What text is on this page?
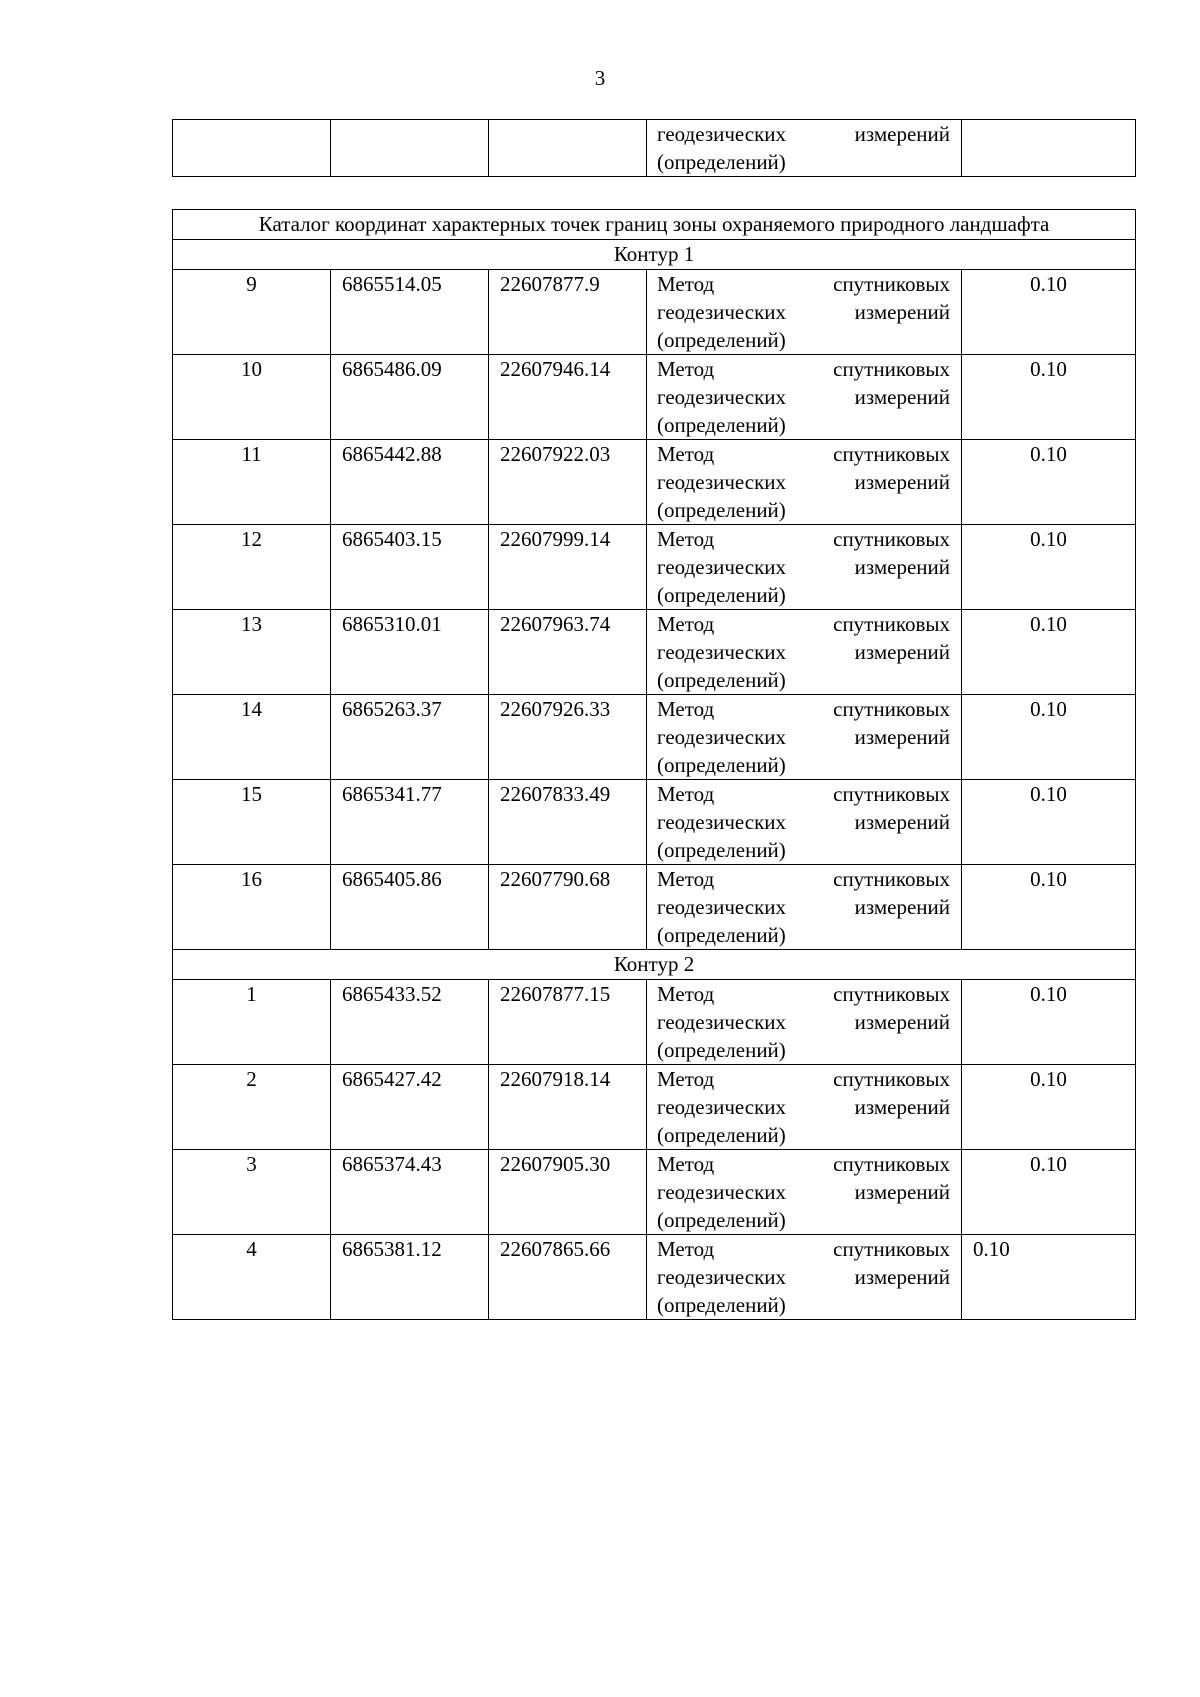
3
			геодезических измерений
(определений)

Каталог координат характерных точек границ зоны охраняемого природного ландшафта				
Контур 1				
9	6865514.05	22607877.9	Метод спутниковых
геодезических измерений
(определений)	0.10
10	6865486.09	22607946.14	Метод спутниковых
геодезических измерений
(определений)	0.10
11	6865442.88	22607922.03	Метод спутниковых
геодезических измерений
(определений)	0.10
12	6865403.15	22607999.14	Метод спутниковых
геодезических измерений
(определений)	0.10
13	6865310.01	22607963.74	Метод спутниковых
геодезических измерений
(определений)	0.10
14	6865263.37	22607926.33	Метод спутниковых
геодезических измерений
(определений)	0.10
15	6865341.77	22607833.49	Метод спутниковых
геодезических измерений
(определений)	0.10
16	6865405.86	22607790.68	Метод спутниковых
геодезических измерений
(определений)	0.10
Контур 2				
1	6865433.52	22607877.15	Метод спутниковых
геодезических измерений
(определений)	0.10
2	6865427.42	22607918.14	Метод спутниковых
геодезических измерений
(определений)	0.10
3	6865374.43	22607905.30	Метод спутниковых
геодезических измерений
(определений)	0.10
4	6865381.12	22607865.66	Метод спутниковых
геодезических измерений
(определений)	0.10
